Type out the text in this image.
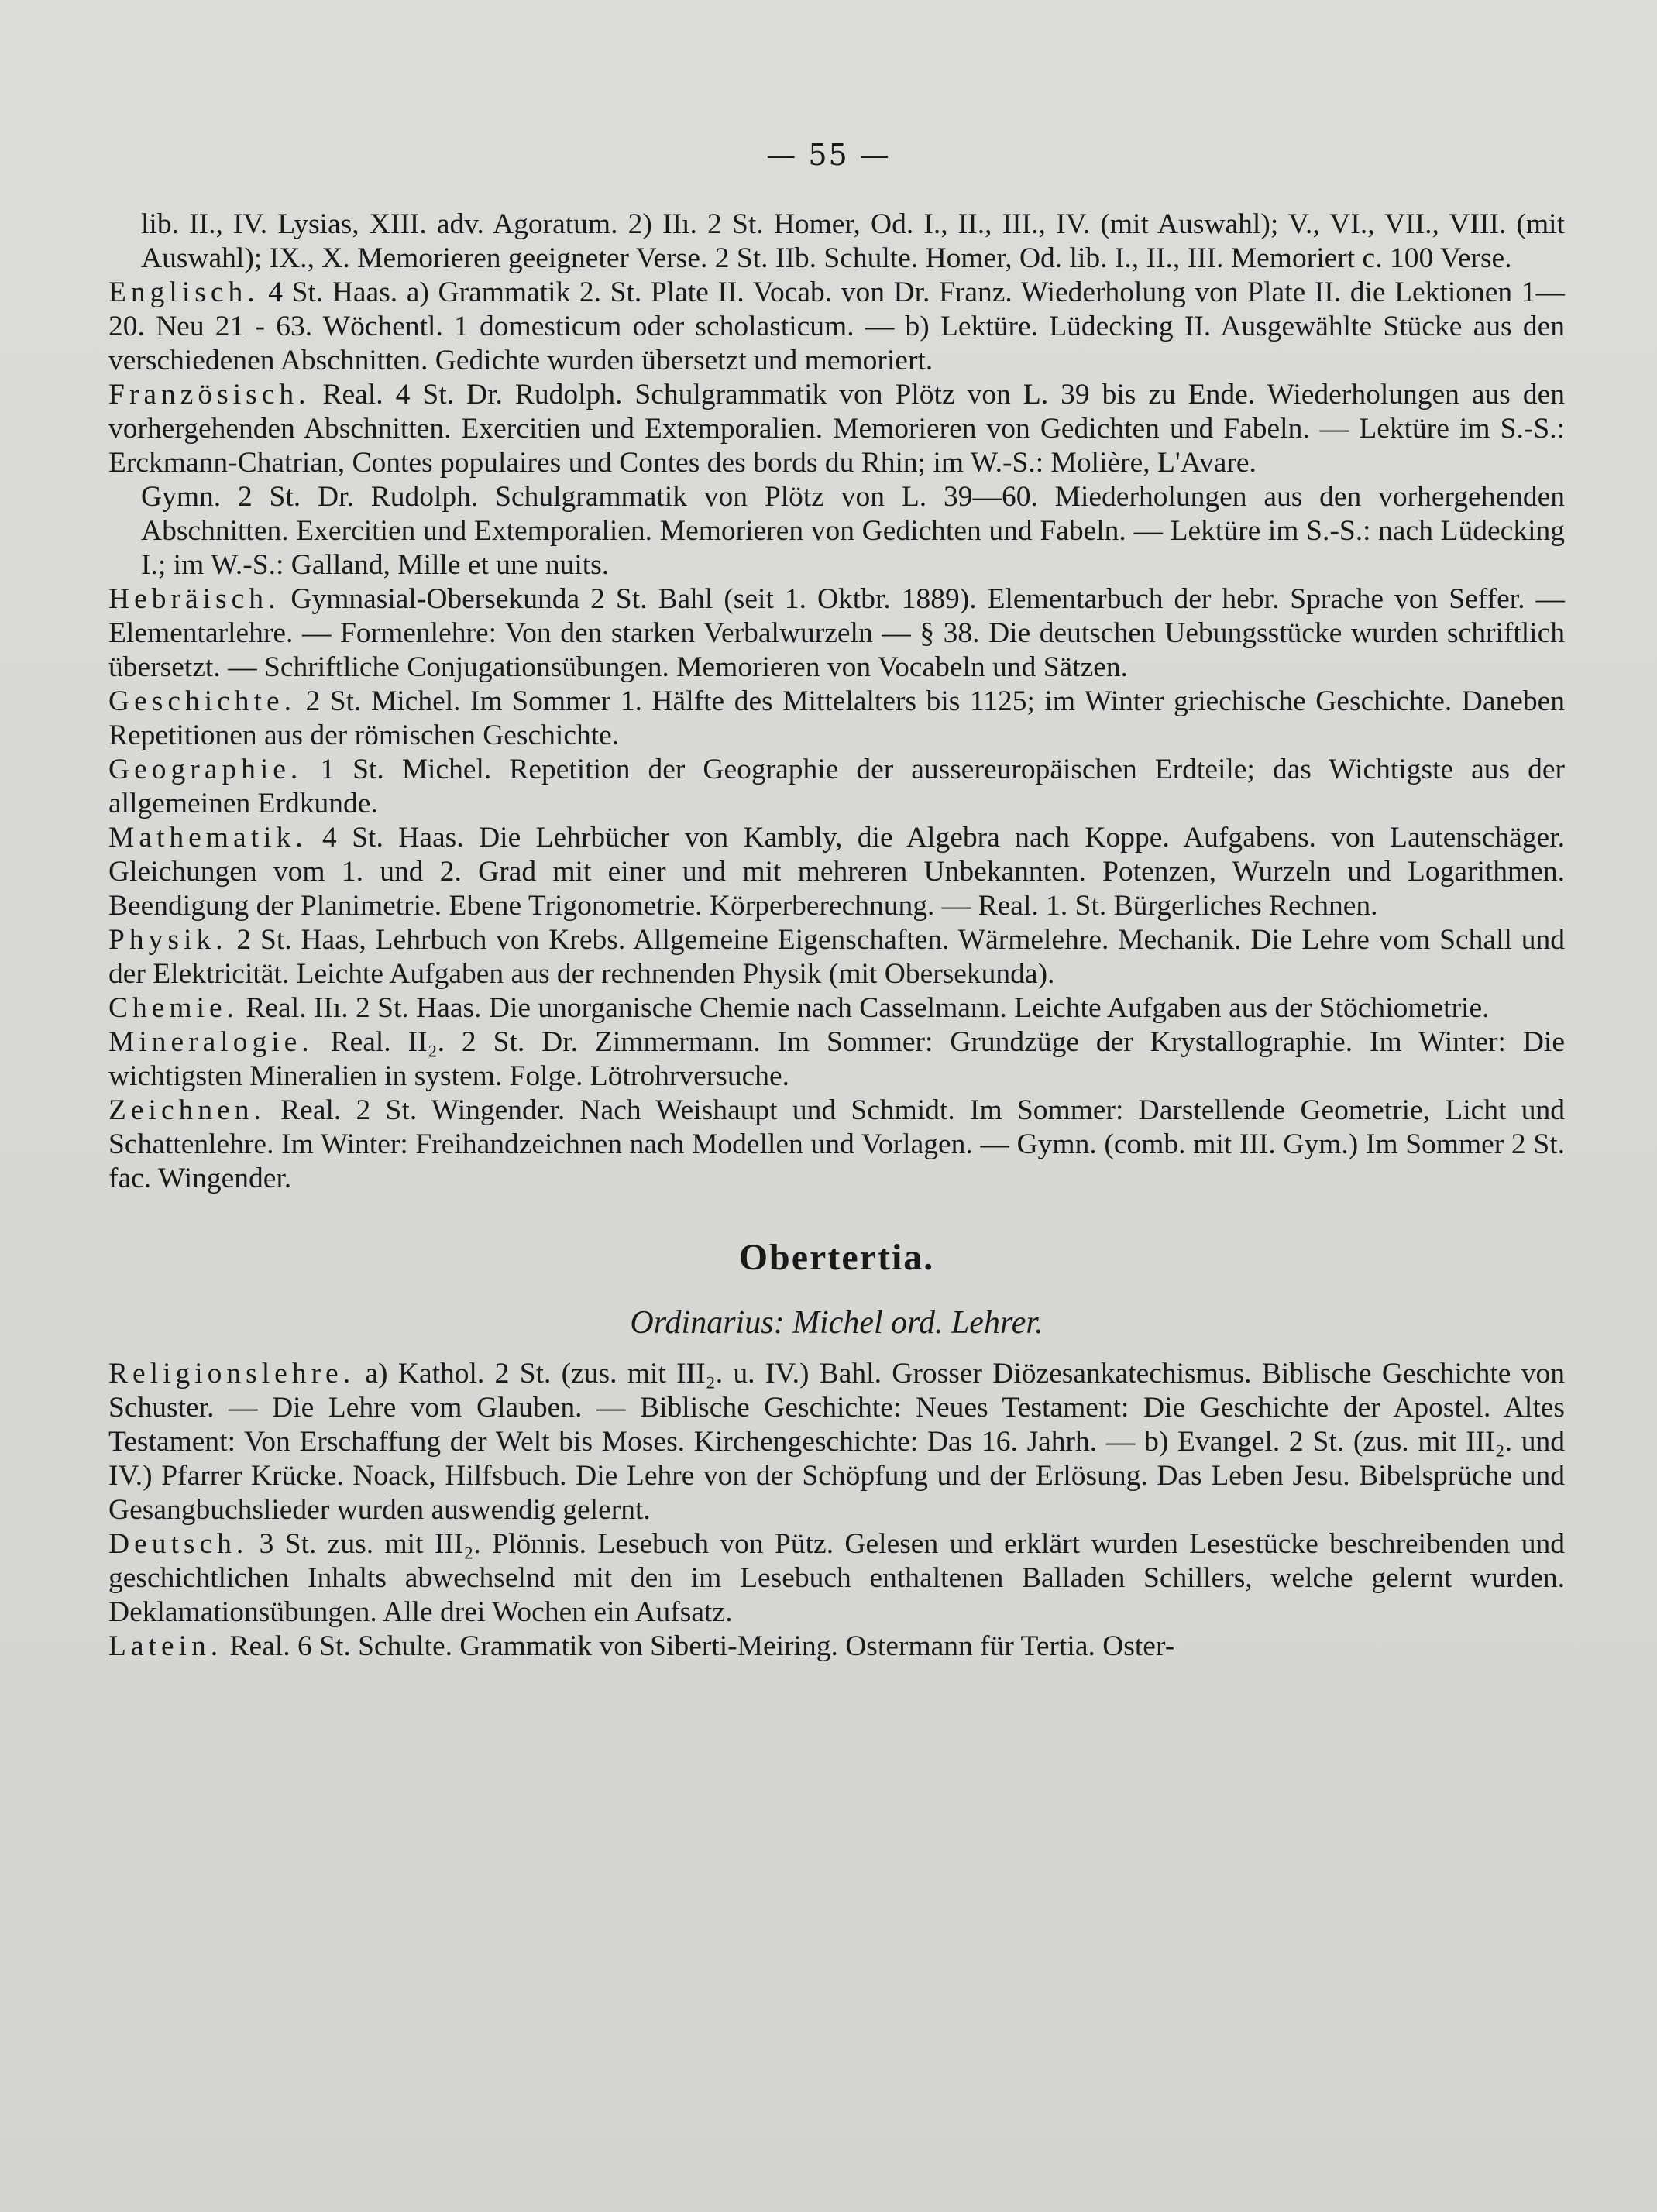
— 55 —

lib. II., IV. Lysias, XIII. adv. Agoratum. 2) IIı. 2 St. Homer, Od. I., II., III., IV. (mit Auswahl); V., VI., VII., VIII. (mit Auswahl); IX., X. Memorieren geeigneter Verse. 2 St. IIb. Schulte. Homer, Od. lib. I., II., III. Memoriert c. 100 Verse.

Englisch. 4 St. Haas. a) Grammatik 2. St. Plate II. Vocab. von Dr. Franz. Wiederholung von Plate II. die Lektionen 1—20. Neu 21 - 63. Wöchentl. 1 domesticum oder scholasticum. — b) Lektüre. Lüdecking II. Ausgewählte Stücke aus den verschiedenen Abschnitten. Gedichte wurden übersetzt und memoriert.

Französisch. Real. 4 St. Dr. Rudolph. Schulgrammatik von Plötz von L. 39 bis zu Ende. Wiederholungen aus den vorhergehenden Abschnitten. Exercitien und Extemporalien. Memorieren von Gedichten und Fabeln. — Lektüre im S.-S.: Erckmann-Chatrian, Contes populaires und Contes des bords du Rhin; im W.-S.: Molière, L'Avare.

Gymn. 2 St. Dr. Rudolph. Schulgrammatik von Plötz von L. 39—60. Miederholungen aus den vorhergehenden Abschnitten. Exercitien und Extemporalien. Memorieren von Gedichten und Fabeln. — Lektüre im S.-S.: nach Lüdecking I.; im W.-S.: Galland, Mille et une nuits.

Hebräisch. Gymnasial-Obersekunda 2 St. Bahl (seit 1. Oktbr. 1889). Elementarbuch der hebr. Sprache von Seffer. — Elementarlehre. — Formenlehre: Von den starken Verbalwurzeln — § 38. Die deutschen Uebungsstücke wurden schriftlich übersetzt. — Schriftliche Conjugationsübungen. Memorieren von Vocabeln und Sätzen.

Geschichte. 2 St. Michel. Im Sommer 1. Hälfte des Mittelalters bis 1125; im Winter griechische Geschichte. Daneben Repetitionen aus der römischen Geschichte.

Geographie. 1 St. Michel. Repetition der Geographie der aussereuropäischen Erdteile; das Wichtigste aus der allgemeinen Erdkunde.

Mathematik. 4 St. Haas. Die Lehrbücher von Kambly, die Algebra nach Koppe. Aufgabens. von Lautenschäger. Gleichungen vom 1. und 2. Grad mit einer und mit mehreren Unbekannten. Potenzen, Wurzeln und Logarithmen. Beendigung der Planimetrie. Ebene Trigonometrie. Körperberechnung. — Real. 1. St. Bürgerliches Rechnen.

Physik. 2 St. Haas, Lehrbuch von Krebs. Allgemeine Eigenschaften. Wärmelehre. Mechanik. Die Lehre vom Schall und der Elektricität. Leichte Aufgaben aus der rechnenden Physik (mit Obersekunda).

Chemie. Real. IIı. 2 St. Haas. Die unorganische Chemie nach Casselmann. Leichte Aufgaben aus der Stöchiometrie.

Mineralogie. Real. II₂. 2 St. Dr. Zimmermann. Im Sommer: Grundzüge der Krystallographie. Im Winter: Die wichtigsten Mineralien in system. Folge. Lötrohrversuche.

Zeichnen. Real. 2 St. Wingender. Nach Weishaupt und Schmidt. Im Sommer: Darstellende Geometrie, Licht und Schattenlehre. Im Winter: Freihandzeichnen nach Modellen und Vorlagen. — Gymn. (comb. mit III. Gym.) Im Sommer 2 St. fac. Wingender.

Obertertia.
Ordinarius: Michel ord. Lehrer.

Religionslehre. a) Kathol. 2 St. (zus. mit III₂. u. IV.) Bahl. Grosser Diözesankatechismus. Biblische Geschichte von Schuster. — Die Lehre vom Glauben. — Biblische Geschichte: Neues Testament: Die Geschichte der Apostel. Altes Testament: Von Erschaffung der Welt bis Moses. Kirchengeschichte: Das 16. Jahrh. — b) Evangel. 2 St. (zus. mit III₂. und IV.) Pfarrer Krücke. Noack, Hilfsbuch. Die Lehre von der Schöpfung und der Erlösung. Das Leben Jesu. Bibelsprüche und Gesangbuchslieder wurden auswendig gelernt.

Deutsch. 3 St. zus. mit III₂. Plönnis. Lesebuch von Pütz. Gelesen und erklärt wurden Lesestücke beschreibenden und geschichtlichen Inhalts abwechselnd mit den im Lesebuch enthaltenen Balladen Schillers, welche gelernt wurden. Deklamationsübungen. Alle drei Wochen ein Aufsatz.

Latein. Real. 6 St. Schulte. Grammatik von Siberti-Meiring. Ostermann für Tertia. Oster-
